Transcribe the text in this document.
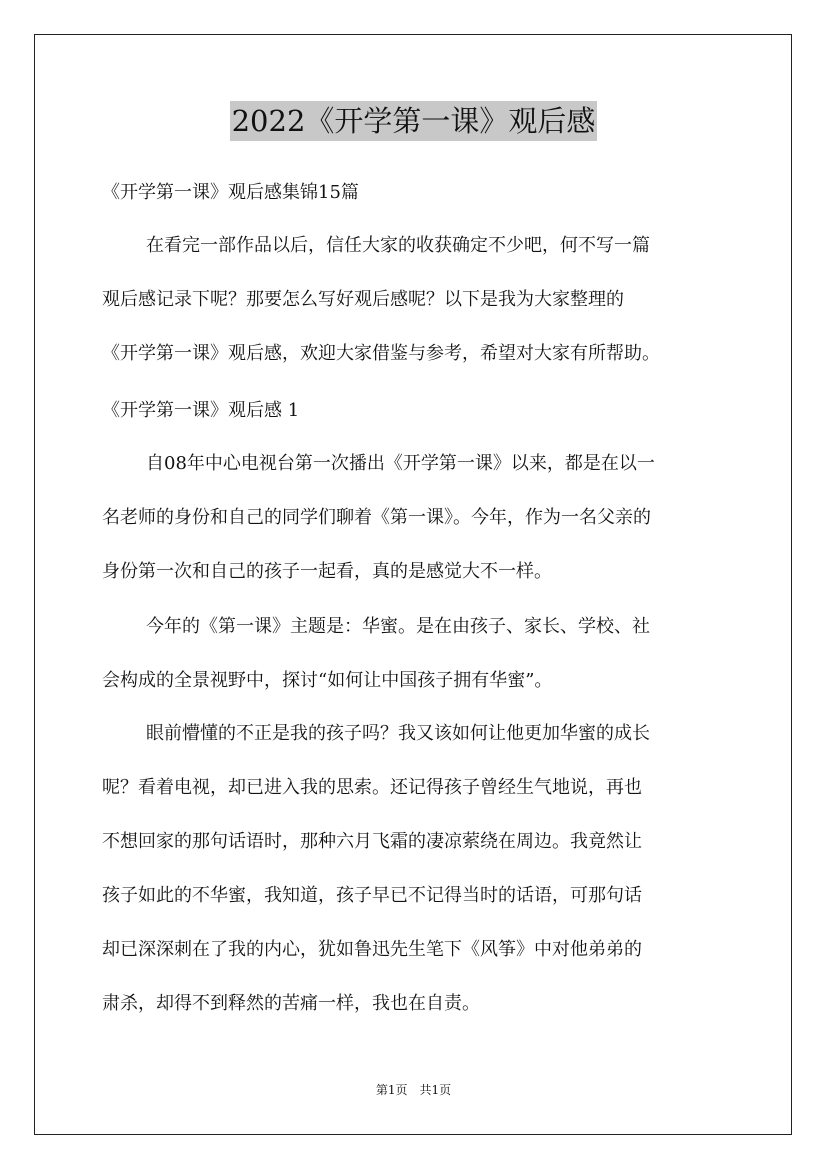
2022《开学第一课》观后感
《开学第一课》观后感集锦15篇

在看完一部作品以后，信任大家的收获确定不少吧，何不写一篇
观后感记录下呢？那要怎么写好观后感呢？以下是我为大家整理的
《开学第一课》观后感，欢迎大家借鉴与参考，希望对大家有所帮助。

《开学第一课》观后感 1

自08年中心电视台第一次播出《开学第一课》以来，都是在以一
名老师的身份和自己的同学们聊着《第一课》。今年，作为一名父亲的
身份第一次和自己的孩子一起看，真的是感觉大不一样。

今年的《第一课》主题是：华蜜。是在由孩子、家长、学校、社
会构成的全景视野中，探讨“如何让中国孩子拥有华蜜”。

眼前懵懂的不正是我的孩子吗？我又该如何让他更加华蜜的成长
呢？看着电视，却已进入我的思索。还记得孩子曾经生气地说，再也
不想回家的那句话语时，那种六月飞霜的凄凉萦绕在周边。我竟然让
孩子如此的不华蜜，我知道，孩子早已不记得当时的话语，可那句话
却已深深刺在了我的内心，犹如鲁迅先生笔下《风筝》中对他弟弟的
肃杀，却得不到释然的苦痛一样，我也在自责。

第1页　共1页
